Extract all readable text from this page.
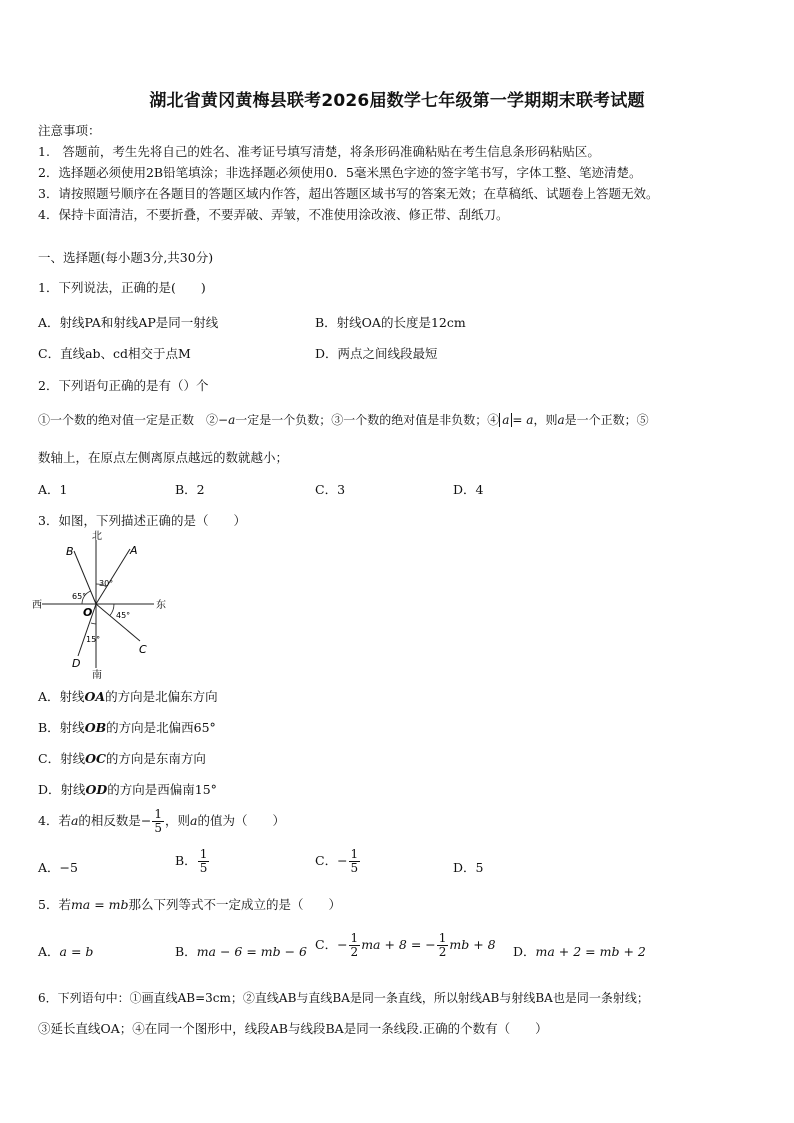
湖北省黄冈黄梅县联考2026届数学七年级第一学期期末联考试题
注意事项：
1.　答题前，考生先将自己的姓名、准考证号填写清楚，将条形码准确粘贴在考生信息条形码粘贴区。
2．选择题必须使用2B铅笔填涂；非选择题必须使用0．5毫米黑色字迹的签字笔书写，字体工整、笔迹清楚。
3．请按照题号顺序在各题目的答题区域内作答，超出答题区域书写的答案无效；在草稿纸、试题卷上答题无效。
4．保持卡面清洁，不要折叠，不要弄破、弄皱，不准使用涂改液、修正带、刮纸刀。
一、选择题(每小题3分,共30分)
1．下列说法，正确的是(　　)
A．射线PA和射线AP是同一射线	B．射线OA的长度是12cm
C．直线ab、cd相交于点M	D．两点之间线段最短
2．下列语句正确的是有（）个
①一个数的绝对值一定是正数　②−a一定是一个负数；③一个数的绝对值是非负数；④ a = a，则a是一个正数；⑤
数轴上，在原点左侧离原点越远的数就越小；
A．1	B．2	C．3	D．4
3．如图，下列描述正确的是（　　）
北
南
西	东
A
B
C
D
O
30°
65°
45°
15°
A．射线OA的方向是北偏东方向
B．射线OB的方向是北偏西65°
C．射线OC的方向是东南方向
D．射线OD的方向是西偏南15°
4．若a的相反数是− $\frac{1}{5}$ ，则a的值为（　　）
A．−5	B． $\frac{1}{5}$	C．− $\frac{1}{5}$	D．5
5．若ma = mb那么下列等式不一定成立的是（　　）
A．a = b	B．ma − 6 = mb − 6 C．− $\frac{1}{2}$ ma + 8 = − $\frac{1}{2}$ mb + 8 D．ma + 2 = mb + 2
6．下列语句中：①画直线AB=3cm；②直线AB与直线BA是同一条直线，所以射线AB与射线BA也是同一条射线；
③延长直线OA；④在同一个图形中，线段AB与线段BA是同一条线段.正确的个数有（　　）
